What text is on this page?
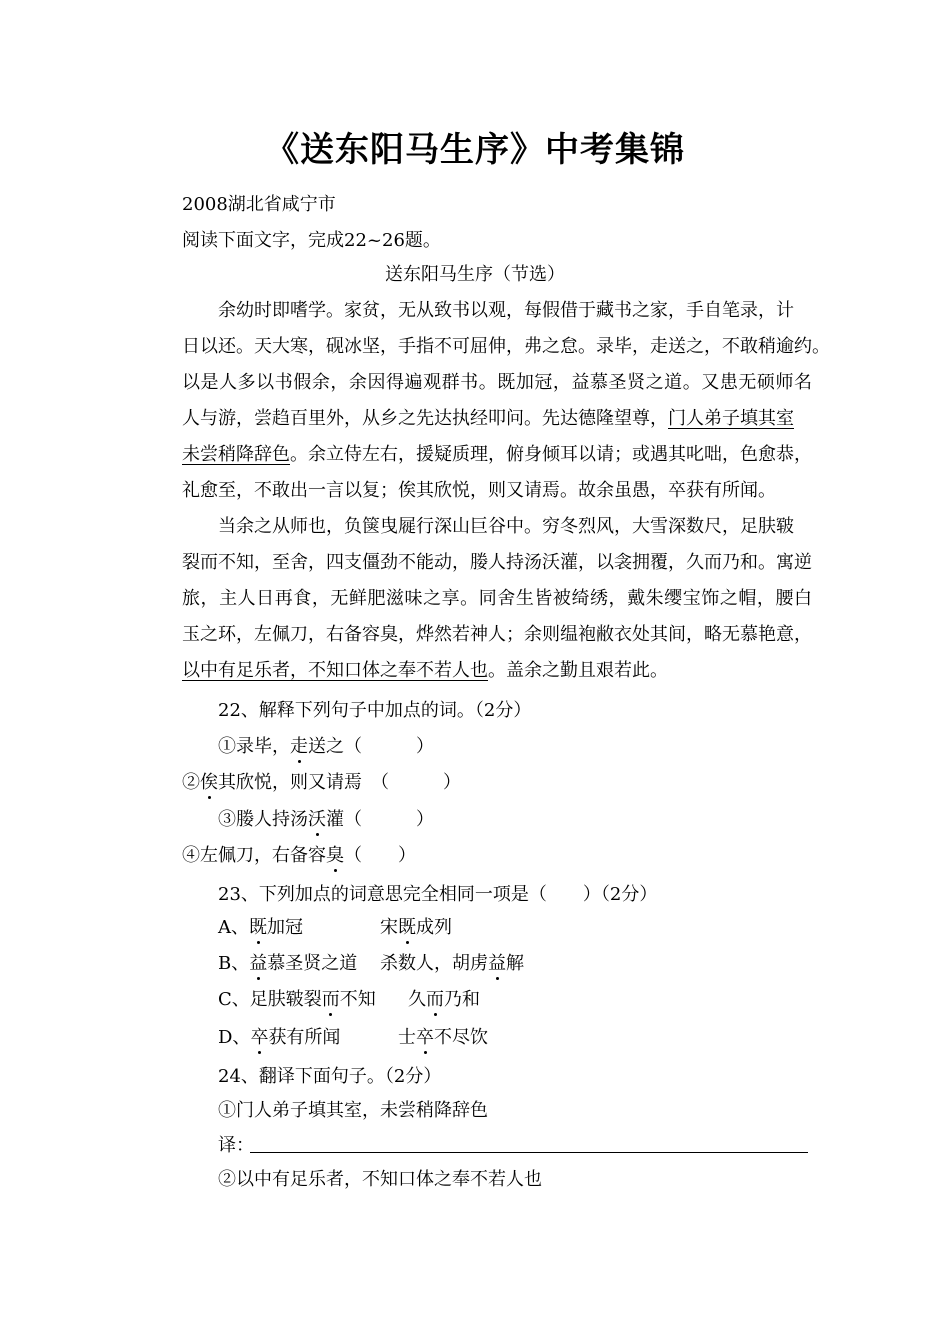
《送东阳马生序》中考集锦
2008湖北省咸宁市
阅读下面文字，完成22~26题。
送东阳马生序（节选）
余幼时即嗜学。家贫，无从致书以观，每假借于藏书之家，手自笔录，计
日以还。天大寒，砚冰坚，手指不可屈伸，弗之怠。录毕，走送之，不敢稍逾约。
以是人多以书假余，余因得遍观群书。既加冠，益慕圣贤之道。又患无硕师名
人与游，尝趋百里外，从乡之先达执经叩问。先达德隆望尊，门人弟子填其室
未尝稍降辞色。余立侍左右，援疑质理，俯身倾耳以请；或遇其叱咄，色愈恭，
礼愈至，不敢出一言以复；俟其欣悦，则又请焉。故余虽愚，卒获有所闻。
当余之从师也，负箧曳屣行深山巨谷中。穷冬烈风，大雪深数尺，足肤皲
裂而不知，至舍，四支僵劲不能动，媵人持汤沃灌，以衾拥覆，久而乃和。寓逆
旅，主人日再食，无鲜肥滋味之享。同舍生皆被绮绣，戴朱缨宝饰之帽，腰白
玉之环，左佩刀，右备容臭，烨然若神人；余则缊袍敝衣处其间，略无慕艳意，
以中有足乐者，不知口体之奉不若人也。盖余之勤且艰若此。
22、解释下列句子中加点的词。（2分）
①录毕，走送之（　　　）
②俟其欣悦，则又请焉　（　　　）
③媵人持汤沃灌（　　　）
④左佩刀，右备容臭（　　）
23、下列加点的词意思完全相同一项是（　　）（2分）
A、既加冠	宋既成列
B、益慕圣贤之道	杀数人，胡虏益解
C、足肤皲裂而不知	久而乃和
D、卒获有所闻	士卒不尽饮
24、翻译下面句子。（2分）
①门人弟子填其室，未尝稍降辞色
译：
②以中有足乐者，不知口体之奉不若人也
